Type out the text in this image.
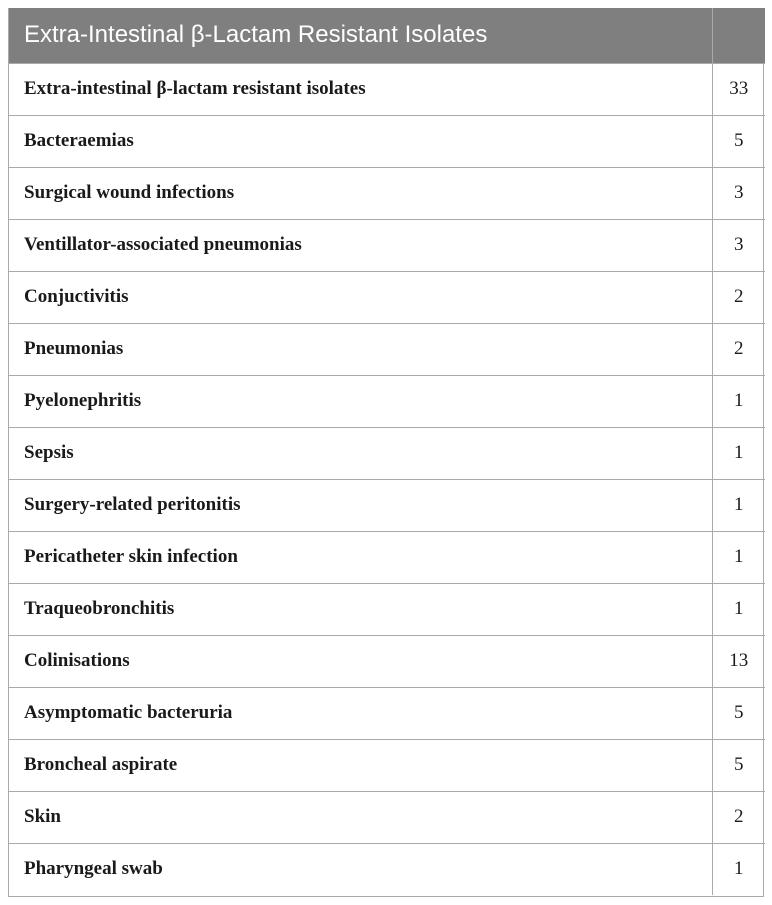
Extra-Intestinal β-Lactam Resistant Isolates	
Extra-intestinal β-lactam resistant isolates	33
Bacteraemias	5
Surgical wound infections	3
Ventillator-associated pneumonias	3
Conjuctivitis	2
Pneumonias	2
Pyelonephritis	1
Sepsis	1
Surgery-related peritonitis	1
Pericatheter skin infection	1
Traqueobronchitis	1
Colinisations	13
Asymptomatic bacteruria	5
Broncheal aspirate	5
Skin	2
Pharyngeal swab	1
